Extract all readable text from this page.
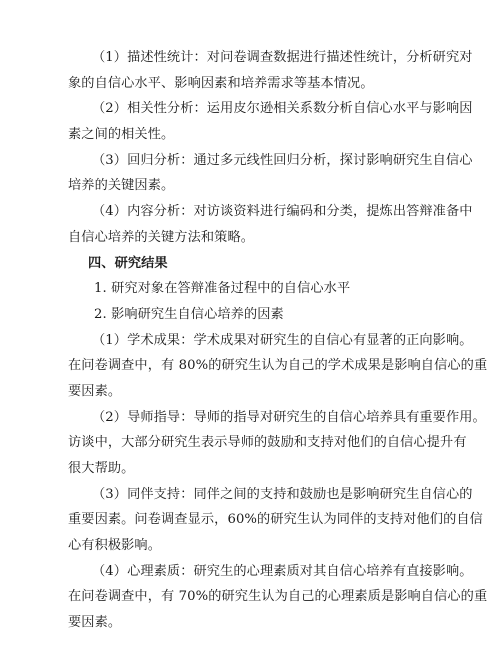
（1）描述性统计：对问卷调查数据进行描述性统计，分析研究对
象的自信心水平、影响因素和培养需求等基本情况。
（2）相关性分析：运用皮尔逊相关系数分析自信心水平与影响因
素之间的相关性。
（3）回归分析：通过多元线性回归分析，探讨影响研究生自信心
培养的关键因素。
（4）内容分析：对访谈资料进行编码和分类，提炼出答辩准备中
自信心培养的关键方法和策略。
四、研究结果
1. 研究对象在答辩准备过程中的自信心水平
2. 影响研究生自信心培养的因素
（1）学术成果：学术成果对研究生的自信心有显著的正向影响。
在问卷调查中，有 80%的研究生认为自己的学术成果是影响自信心的重
要因素。
（2）导师指导：导师的指导对研究生的自信心培养具有重要作用。
访谈中，大部分研究生表示导师的鼓励和支持对他们的自信心提升有
很大帮助。
（3）同伴支持：同伴之间的支持和鼓励也是影响研究生自信心的
重要因素。问卷调查显示，60%的研究生认为同伴的支持对他们的自信
心有积极影响。
（4）心理素质：研究生的心理素质对其自信心培养有直接影响。
在问卷调查中，有 70%的研究生认为自己的心理素质是影响自信心的重
要因素。
